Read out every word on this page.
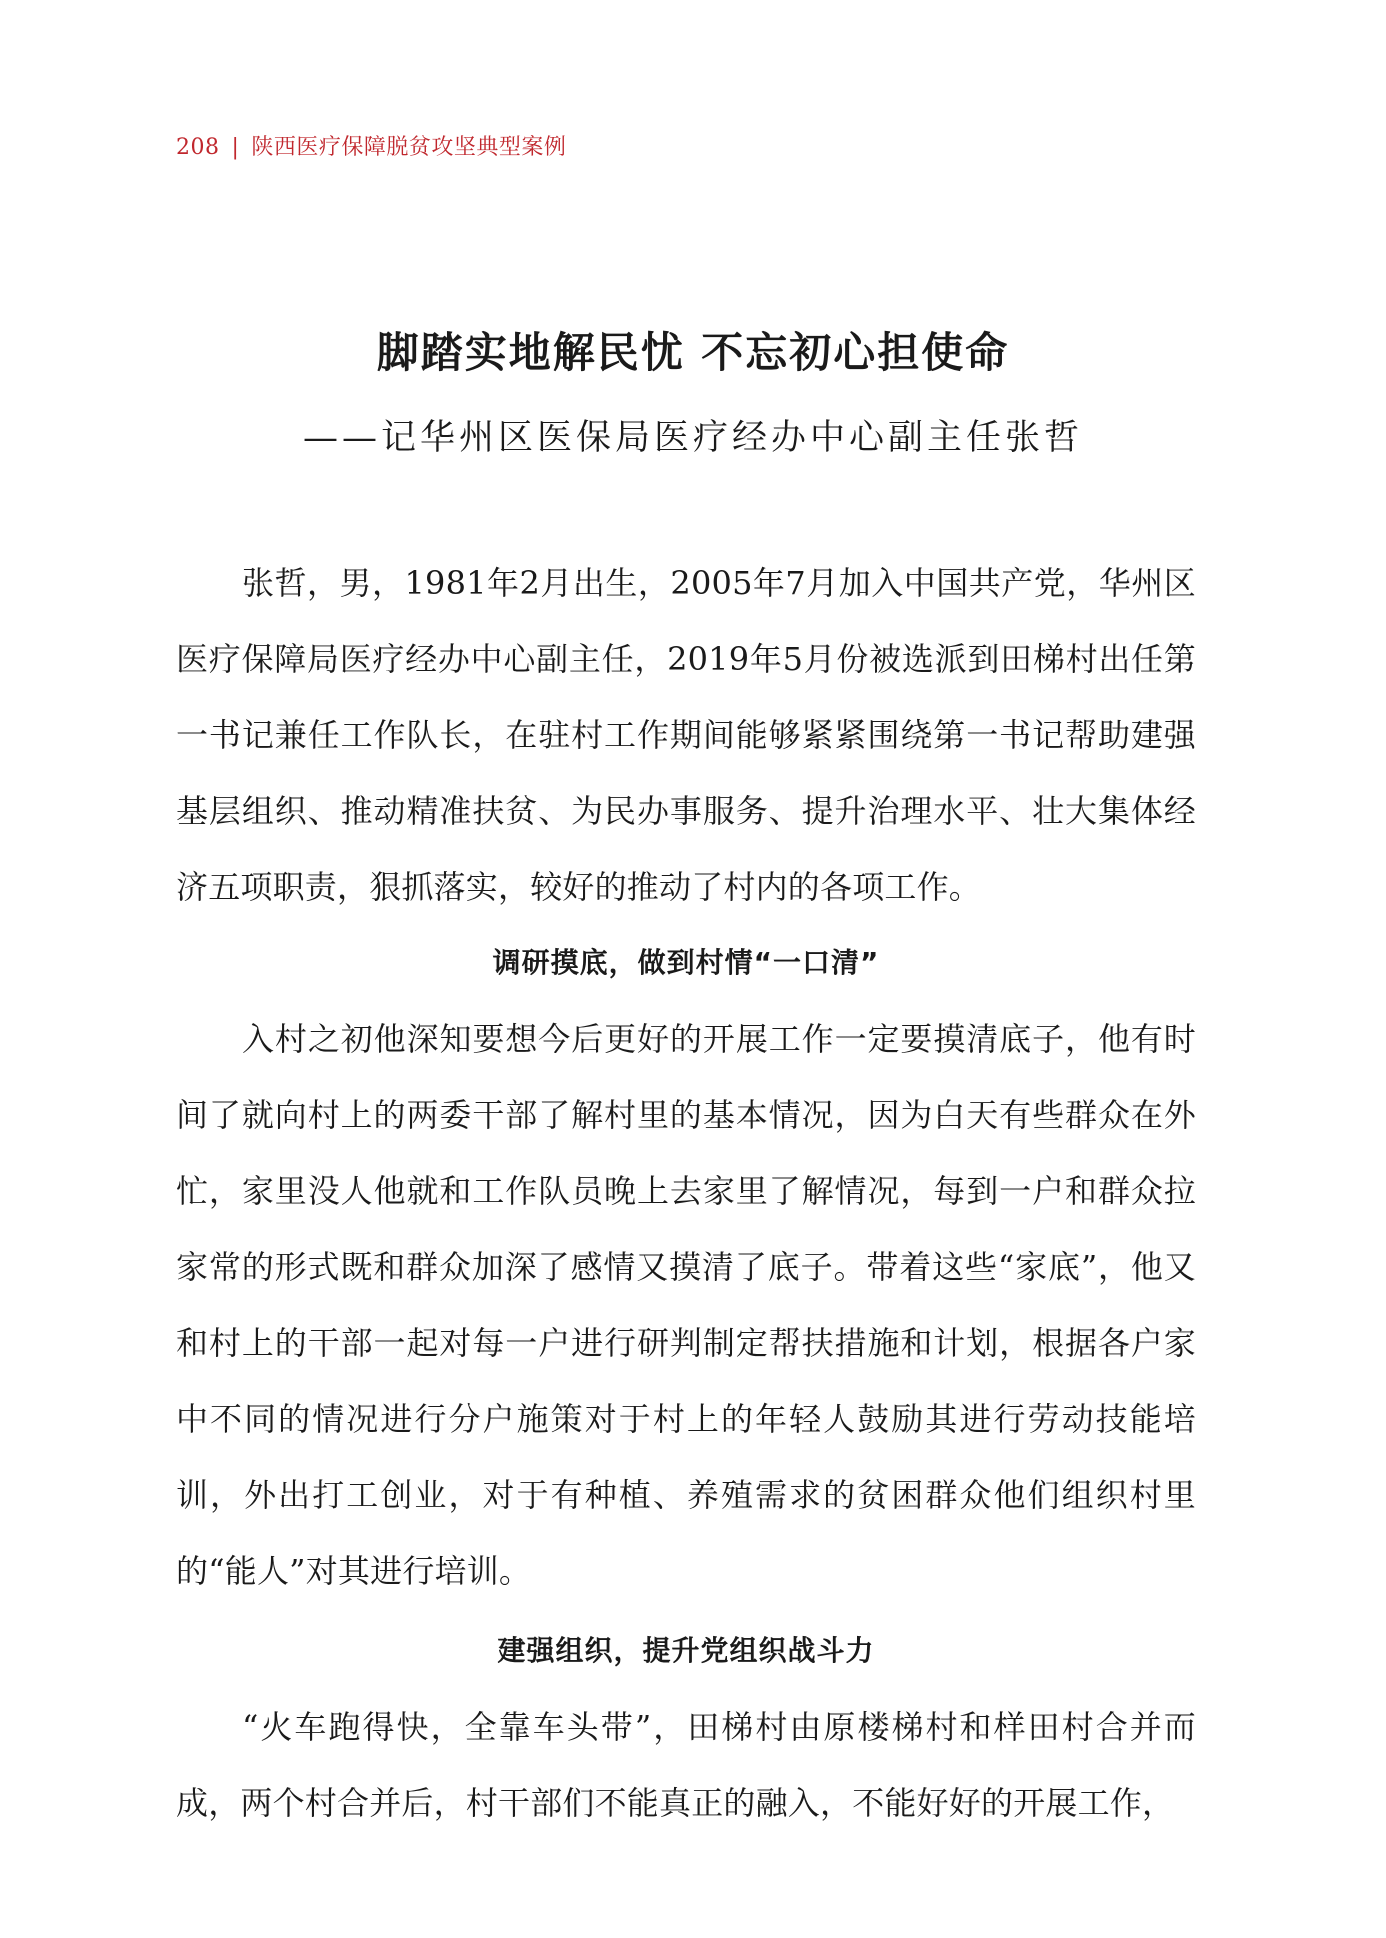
208 | 陕西医疗保障脱贫攻坚典型案例
脚踏实地解民忧 不忘初心担使命
——记华州区医保局医疗经办中心副主任张哲

张哲，男，1981年2月出生，2005年7月加入中国共产党，华州区医疗保障局医疗经办中心副主任，2019年5月份被选派到田梯村出任第一书记兼任工作队长，在驻村工作期间能够紧紧围绕第一书记帮助建强基层组织、推动精准扶贫、为民办事服务、提升治理水平、壮大集体经济五项职责，狠抓落实，较好的推动了村内的各项工作。

调研摸底，做到村情“一口清”

入村之初他深知要想今后更好的开展工作一定要摸清底子，他有时间了就向村上的两委干部了解村里的基本情况，因为白天有些群众在外忙，家里没人他就和工作队员晚上去家里了解情况，每到一户和群众拉家常的形式既和群众加深了感情又摸清了底子。带着这些“家底”，他又和村上的干部一起对每一户进行研判制定帮扶措施和计划，根据各户家中不同的情况进行分户施策对于村上的年轻人鼓励其进行劳动技能培训，外出打工创业，对于有种植、养殖需求的贫困群众他们组织村里的“能人”对其进行培训。

建强组织，提升党组织战斗力

“火车跑得快，全靠车头带”，田梯村由原楼梯村和样田村合并而成，两个村合并后，村干部们不能真正的融入，不能好好的开展工作，
